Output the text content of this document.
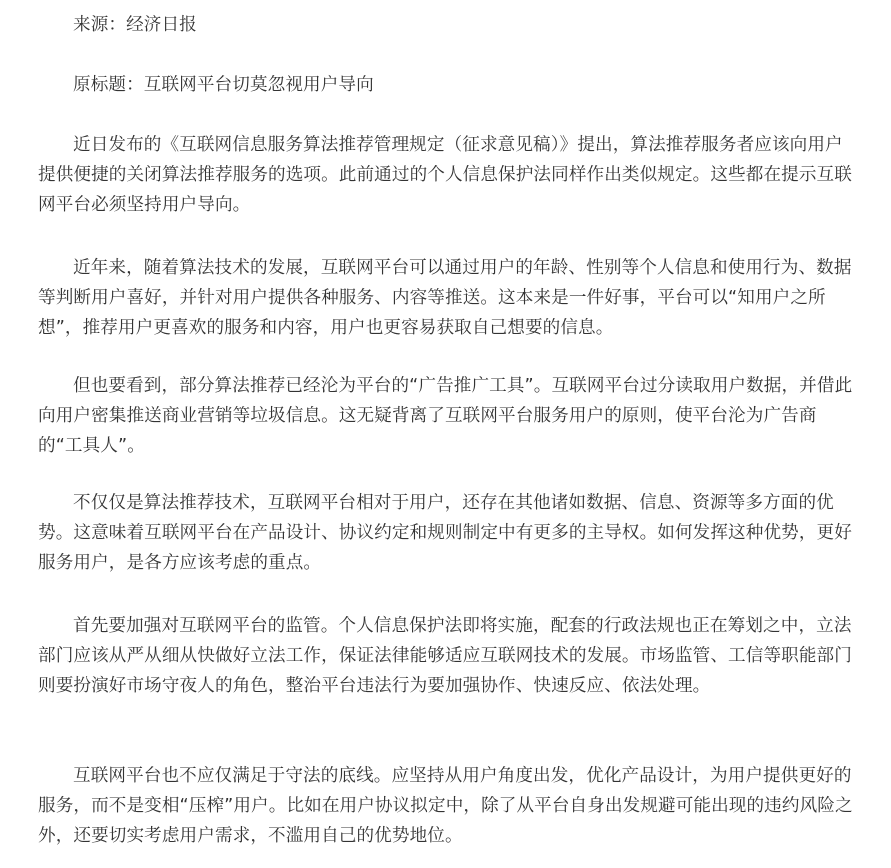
来源：经济日报

原标题：互联网平台切莫忽视用户导向

近日发布的《互联网信息服务算法推荐管理规定（征求意见稿）》提出，算法推荐服务者应该向用户提供便捷的关闭算法推荐服务的选项。此前通过的个人信息保护法同样作出类似规定。这些都在提示互联网平台必须坚持用户导向。

近年来，随着算法技术的发展，互联网平台可以通过用户的年龄、性别等个人信息和使用行为、数据等判断用户喜好，并针对用户提供各种服务、内容等推送。这本来是一件好事，平台可以“知用户之所想”，推荐用户更喜欢的服务和内容，用户也更容易获取自己想要的信息。

但也要看到，部分算法推荐已经沦为平台的“广告推广工具”。互联网平台过分读取用户数据，并借此向用户密集推送商业营销等垃圾信息。这无疑背离了互联网平台服务用户的原则，使平台沦为广告商的“工具人”。

不仅仅是算法推荐技术，互联网平台相对于用户，还存在其他诸如数据、信息、资源等多方面的优势。这意味着互联网平台在产品设计、协议约定和规则制定中有更多的主导权。如何发挥这种优势，更好服务用户，是各方应该考虑的重点。

首先要加强对互联网平台的监管。个人信息保护法即将实施，配套的行政法规也正在筹划之中，立法部门应该从严从细从快做好立法工作，保证法律能够适应互联网技术的发展。市场监管、工信等职能部门则要扮演好市场守夜人的角色，整治平台违法行为要加强协作、快速反应、依法处理。

互联网平台也不应仅满足于守法的底线。应坚持从用户角度出发，优化产品设计，为用户提供更好的服务，而不是变相“压榨”用户。比如在用户协议拟定中，除了从平台自身出发规避可能出现的违约风险之外，还要切实考虑用户需求，不滥用自己的优势地位。
